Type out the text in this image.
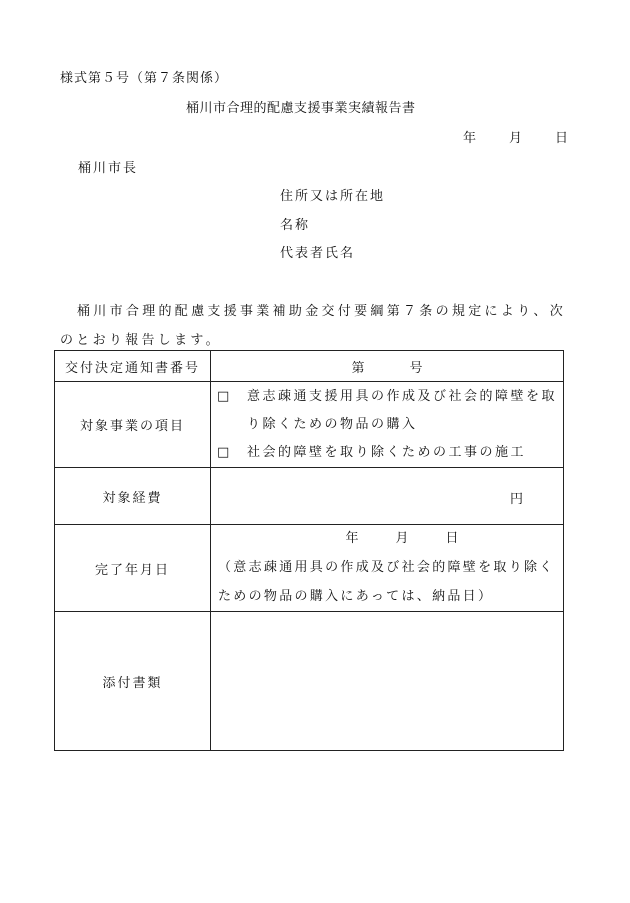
様式第５号（第７条関係）
桶川市合理的配慮支援事業実績報告書
年	月	日
桶川市長
住所又は所在地
名称
代表者氏名
桶川市合理的配慮支援事業補助金交付要綱第７条の規定により、次のとおり報告します。
交付決定通知書番号	第 号
対象事業の項目	□ 意志疎通支援用具の作成及び社会的障壁を取
り除くための物品の購入
□ 社会的障壁を取り除くための工事の施工

対象経費	円

完了年月日	年 月 日
（意志疎通用具の作成及び社会的障壁を取り除くための物品の購入にあっては、納品日）

添付書類	
